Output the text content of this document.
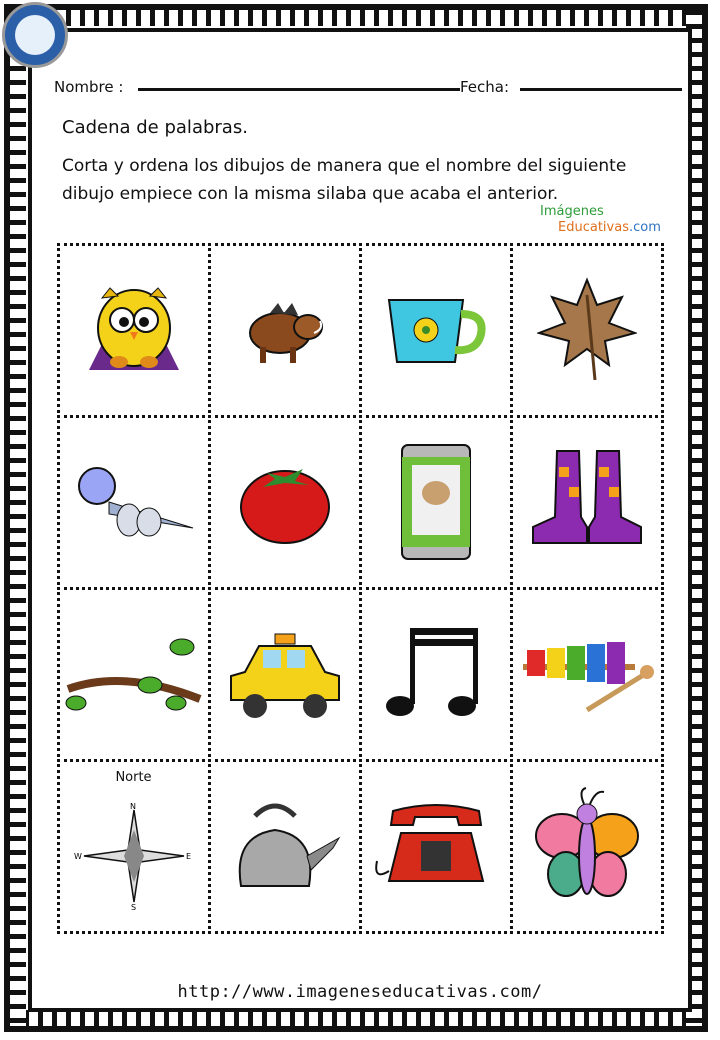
Nombre :	Fecha:
Cadena de palabras.
Corta y ordena los dibujos de manera que el nombre del siguiente dibujo empiece con la misma silaba que acaba el anterior.
Imágenes
Educativas.com
Norte
N
S
E
W
http://www.imageneseducativas.com/
